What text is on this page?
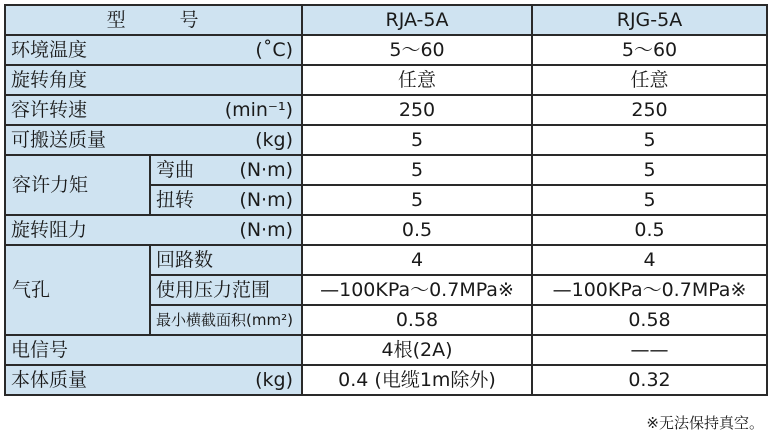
型 号		RJA-5A	RJG-5A

环境温度 (˚C)		5～60	5～60

旋转角度		任意	任意

容许转速 (min⁻¹)		250	250

可搬送质量 (kg)		5	5
容许力矩	弯曲 (N·m)	5	5

	扭转 (N·m)	5	5

旋转阻力 (N·m)		0.5	0.5
气孔	回路数	4	4

	使用压力范围	—100KPa～0.7MPa※	—100KPa～0.7MPa※

	最小横截面积(mm²)	0.58	0.58

电信号		4根(2A)	——

本体质量 (kg)		0.4 (电缆1m除外)	0.32
※无法保持真空。
